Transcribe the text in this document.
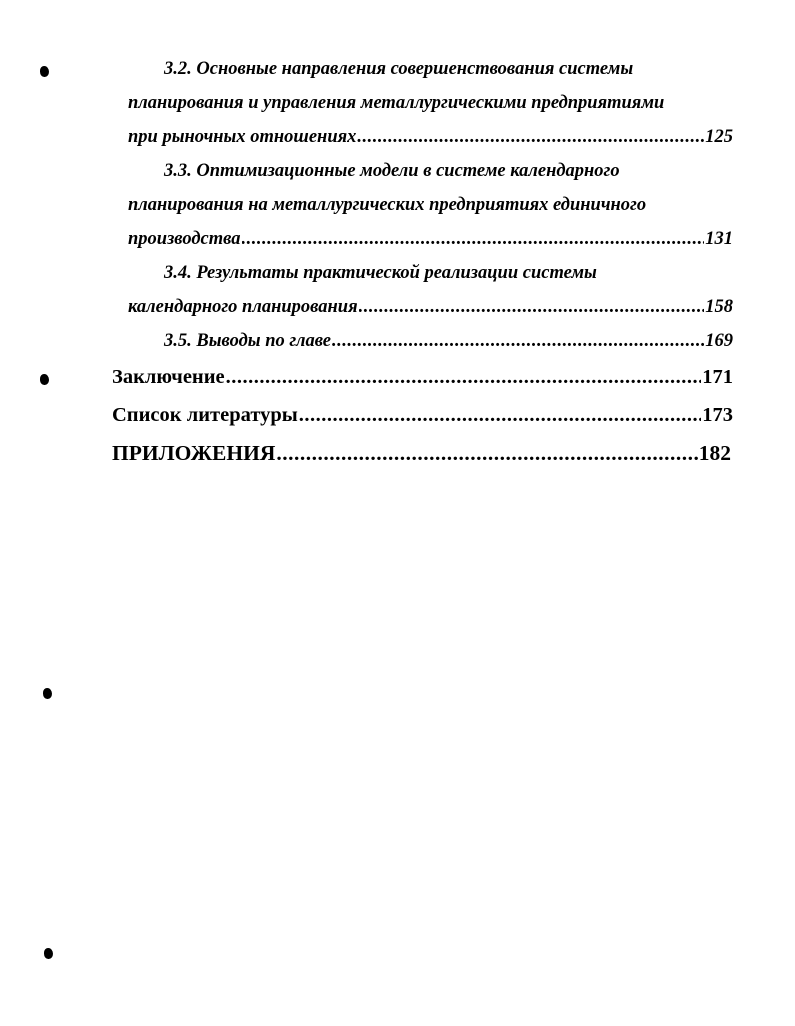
3.2. Основные направления совершенствования системы
планирования и управления металлургическими предприятиями
при рыночных отношениях .....	125
3.3. Оптимизационные модели в системе календарного
планирования на металлургических предприятиях единичного
производства .....	131
3.4. Результаты практической реализации системы
календарного планирования .....	158
3.5. Выводы по главе .....	169
Заключение .....	171
Список литературы .....	173
ПРИЛОЖЕНИЯ .....	182
